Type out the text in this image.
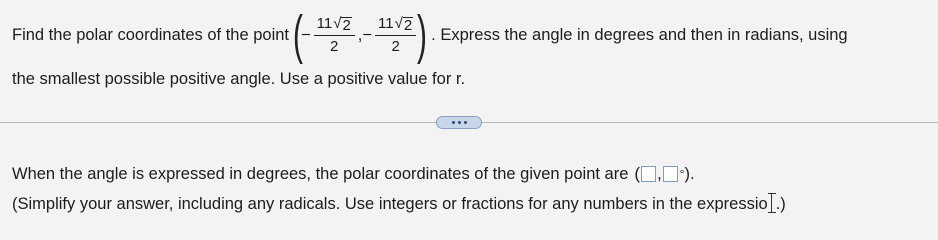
Find the polar coordinates of the point (
− $\frac{11 √ 2}{2}$ , − $\frac{11 √ 2}{2}$ ) . Express the angle in degrees and then in radians, using
the smallest possible positive angle. Use a positive value for r.
When the angle is expressed in degrees, the polar coordinates of the given point are ( , ° ).
(Simplify your answer, including any radicals. Use integers or fractions for any numbers in the expressio .)
